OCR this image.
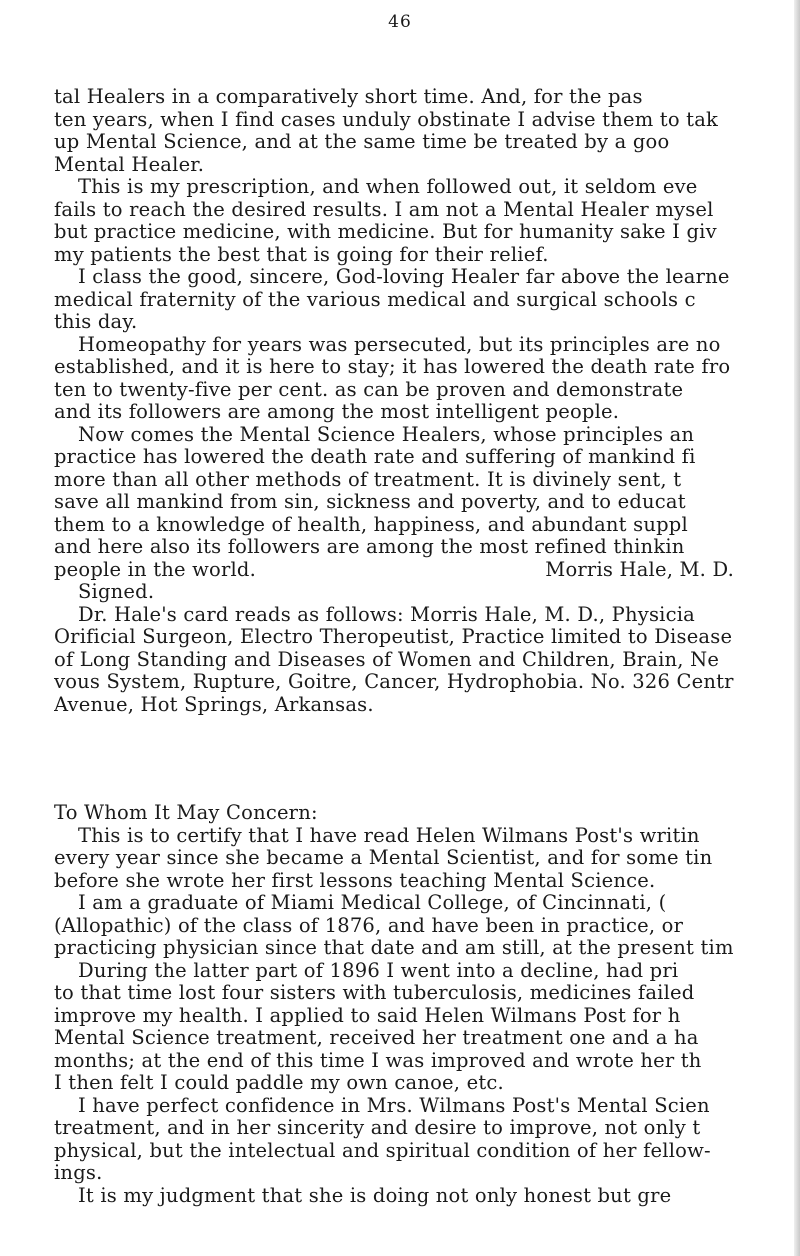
46
tal Healers in a comparatively short time. And, for the pas
ten years, when I find cases unduly obstinate I advise them to tak
up Mental Science, and at the same time be treated by a goo
Mental Healer.
This is my prescription, and when followed out, it seldom eve
fails to reach the desired results. I am not a Mental Healer mysel
but practice medicine, with medicine. But for humanity sake I giv
my patients the best that is going for their relief.
I class the good, sincere, God-loving Healer far above the learne
medical fraternity of the various medical and surgical schools c
this day.
Homeopathy for years was persecuted, but its principles are no
established, and it is here to stay; it has lowered the death rate fro
ten to twenty-five per cent. as can be proven and demonstrate
and its followers are among the most intelligent people.
Now comes the Mental Science Healers, whose principles an
practice has lowered the death rate and suffering of mankind fi
more than all other methods of treatment. It is divinely sent, t
save all mankind from sin, sickness and poverty, and to educat
them to a knowledge of health, happiness, and abundant suppl
and here also its followers are among the most refined thinkin
people in the world.	Morris Hale, M. D.
Signed.
Dr. Hale's card reads as follows: Morris Hale, M. D., Physicia
Orificial Surgeon, Electro Theropeutist, Practice limited to Disease
of Long Standing and Diseases of Women and Children, Brain, Ne
vous System, Rupture, Goitre, Cancer, Hydrophobia. No. 326 Centr
Avenue, Hot Springs, Arkansas.
To Whom It May Concern:
This is to certify that I have read Helen Wilmans Post's writin
every year since she became a Mental Scientist, and for some tin
before she wrote her first lessons teaching Mental Science.
I am a graduate of Miami Medical College, of Cincinnati, (
(Allopathic) of the class of 1876, and have been in practice, or
practicing physician since that date and am still, at the present tim
During the latter part of 1896 I went into a decline, had pri
to that time lost four sisters with tuberculosis, medicines failed
improve my health. I applied to said Helen Wilmans Post for h
Mental Science treatment, received her treatment one and a ha
months; at the end of this time I was improved and wrote her th
I then felt I could paddle my own canoe, etc.
I have perfect confidence in Mrs. Wilmans Post's Mental Scien
treatment, and in her sincerity and desire to improve, not only t
physical, but the intelectual and spiritual condition of her fellow-
ings.
It is my judgment that she is doing not only honest but gre
